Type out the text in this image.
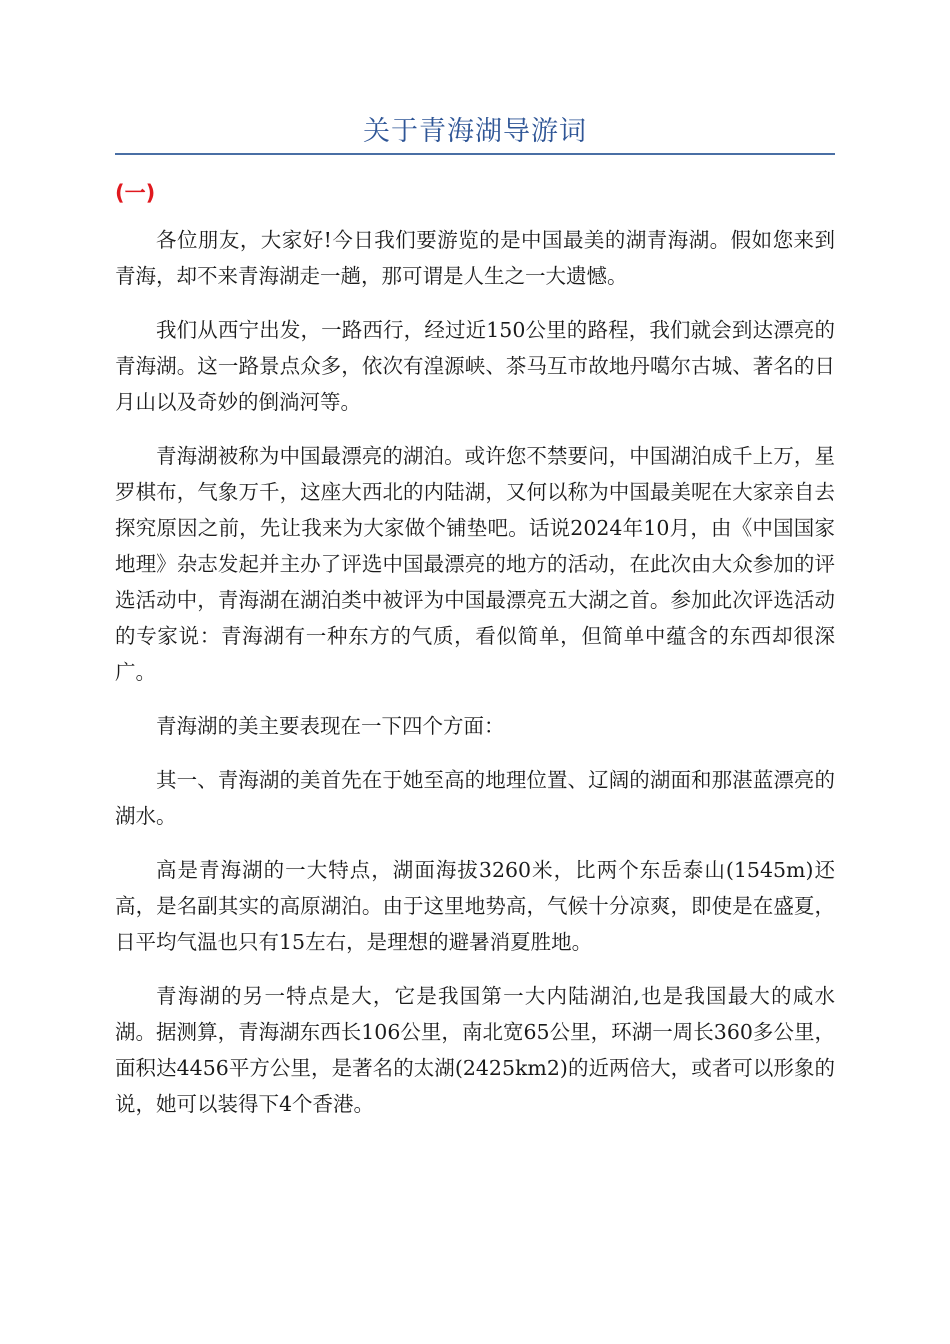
关于青海湖导游词
(一)

各位朋友，大家好!今日我们要游览的是中国最美的湖青海湖。假如您来到青海，却不来青海湖走一趟，那可谓是人生之一大遗憾。

我们从西宁出发，一路西行，经过近150公里的路程，我们就会到达漂亮的青海湖。这一路景点众多，依次有湟源峡、茶马互市故地丹噶尔古城、著名的日月山以及奇妙的倒淌河等。

青海湖被称为中国最漂亮的湖泊。或许您不禁要问，中国湖泊成千上万，星罗棋布，气象万千，这座大西北的内陆湖，又何以称为中国最美呢在大家亲自去探究原因之前，先让我来为大家做个铺垫吧。话说2024年10月，由《中国国家地理》杂志发起并主办了评选中国最漂亮的地方的活动，在此次由大众参加的评选活动中，青海湖在湖泊类中被评为中国最漂亮五大湖之首。参加此次评选活动的专家说：青海湖有一种东方的气质，看似简单，但简单中蕴含的东西却很深广。

青海湖的美主要表现在一下四个方面：

其一、青海湖的美首先在于她至高的地理位置、辽阔的湖面和那湛蓝漂亮的湖水。

高是青海湖的一大特点，湖面海拔3260米，比两个东岳泰山(1545m)还高，是名副其实的高原湖泊。由于这里地势高，气候十分凉爽，即使是在盛夏，日平均气温也只有15左右，是理想的避暑消夏胜地。

青海湖的另一特点是大，它是我国第一大内陆湖泊,也是我国最大的咸水湖。据测算，青海湖东西长106公里，南北宽65公里，环湖一周长360多公里，面积达4456平方公里，是著名的太湖(2425km2)的近两倍大，或者可以形象的说，她可以装得下4个香港。
